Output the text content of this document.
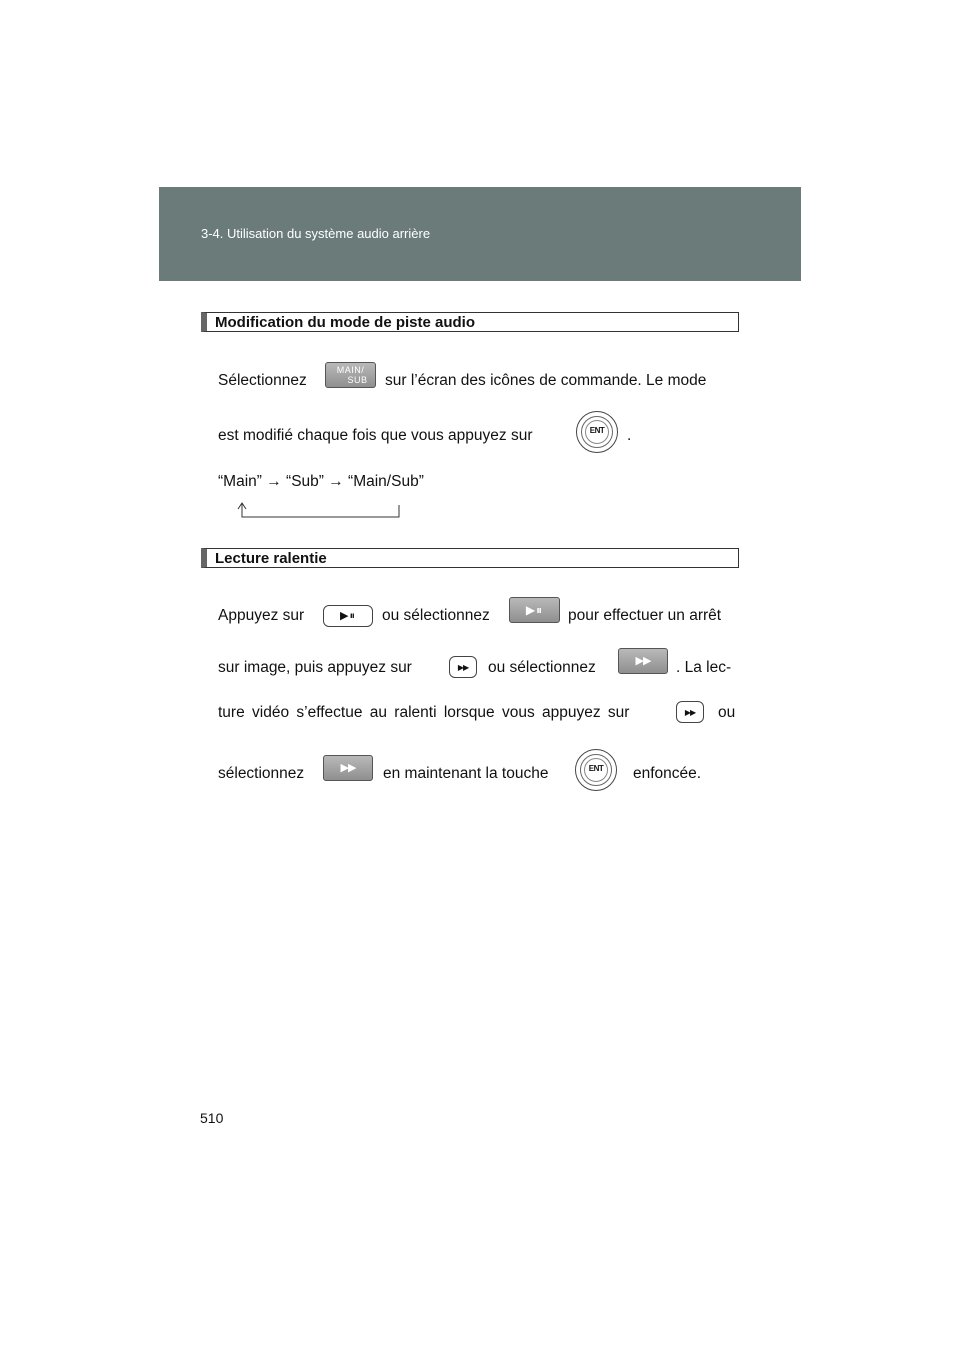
3-4. Utilisation du système audio arrière
Modification du mode de piste audio
Sélectionnez
MAIN/
SUB	sur l’écran des icônes de commande. Le mode
est modifié chaque fois que vous appuyez sur	ENT	.
“Main” → “Sub” → “Main/Sub”
Lecture ralentie
Appuyez sur	▶⏸	ou sélectionnez	▶⏸	pour effectuer un arrêt
sur image, puis appuyez sur	▶▶	ou sélectionnez	▶▶	. La lec-
ture vidéo s’effectue au ralenti lorsque vous appuyez sur	▶▶	ou
sélectionnez	▶▶	en maintenant la touche	ENT	enfoncée.
510
